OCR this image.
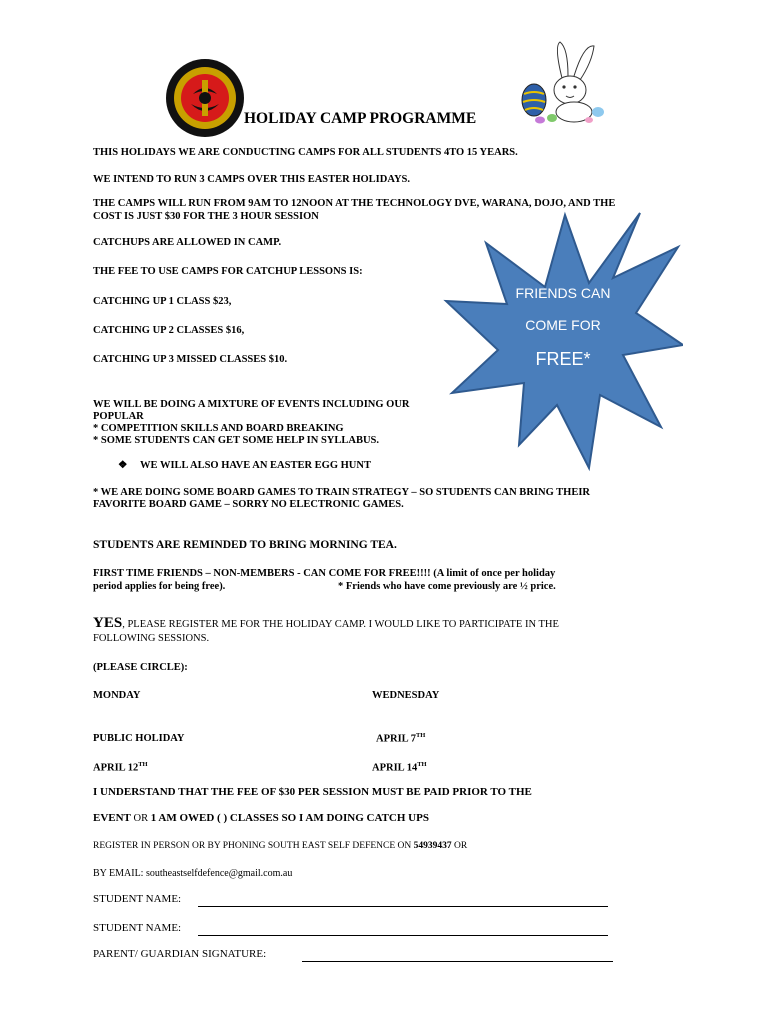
HOLIDAY CAMP PROGRAMME
THIS HOLIDAYS WE ARE CONDUCTING CAMPS FOR ALL STUDENTS 4TO 15 YEARS.
WE INTEND TO RUN 3 CAMPS OVER THIS EASTER HOLIDAYS.
THE CAMPS WILL RUN FROM 9AM TO 12NOON AT THE TECHNOLOGY DVE, WARANA, DOJO, AND THE
COST IS JUST $30 FOR THE 3 HOUR SESSION
CATCHUPS ARE ALLOWED IN CAMP.
THE FEE TO USE CAMPS FOR CATCHUP LESSONS IS:
CATCHING UP 1 CLASS $23,
CATCHING UP 2 CLASSES $16,
CATCHING UP 3 MISSED CLASSES $10.
FRIENDS CAN
COME FOR
FREE*
WE WILL BE DOING A MIXTURE OF EVENTS INCLUDING OUR
POPULAR
* COMPETITION SKILLS AND BOARD BREAKING
* SOME STUDENTS CAN GET SOME HELP IN SYLLABUS.
❖ WE WILL ALSO HAVE AN EASTER EGG HUNT
* WE ARE DOING SOME BOARD GAMES TO TRAIN STRATEGY – SO STUDENTS CAN BRING THEIR
FAVORITE BOARD GAME – SORRY NO ELECTRONIC GAMES.
STUDENTS ARE REMINDED TO BRING MORNING TEA.
FIRST TIME FRIENDS – NON-MEMBERS - CAN COME FOR FREE!!!! (A limit of once per holiday
period applies for being free).	* Friends who have come previously are ½ price.
YES, PLEASE REGISTER ME FOR THE HOLIDAY CAMP. I WOULD LIKE TO PARTICIPATE IN THE
FOLLOWING SESSIONS.
(PLEASE CIRCLE):
MONDAY	WEDNESDAY
PUBLIC HOLIDAY	APRIL 7TH
APRIL 12TH	APRIL 14TH
I UNDERSTAND THAT THE FEE OF $30 PER SESSION MUST BE PAID PRIOR TO THE
EVENT OR 1 AM OWED ( ) CLASSES SO I AM DOING CATCH UPS
REGISTER IN PERSON OR BY PHONING SOUTH EAST SELF DEFENCE ON 54939437 OR
BY EMAIL: southeastselfdefence@gmail.com.au
STUDENT NAME:
STUDENT NAME:
PARENT/ GUARDIAN SIGNATURE:
